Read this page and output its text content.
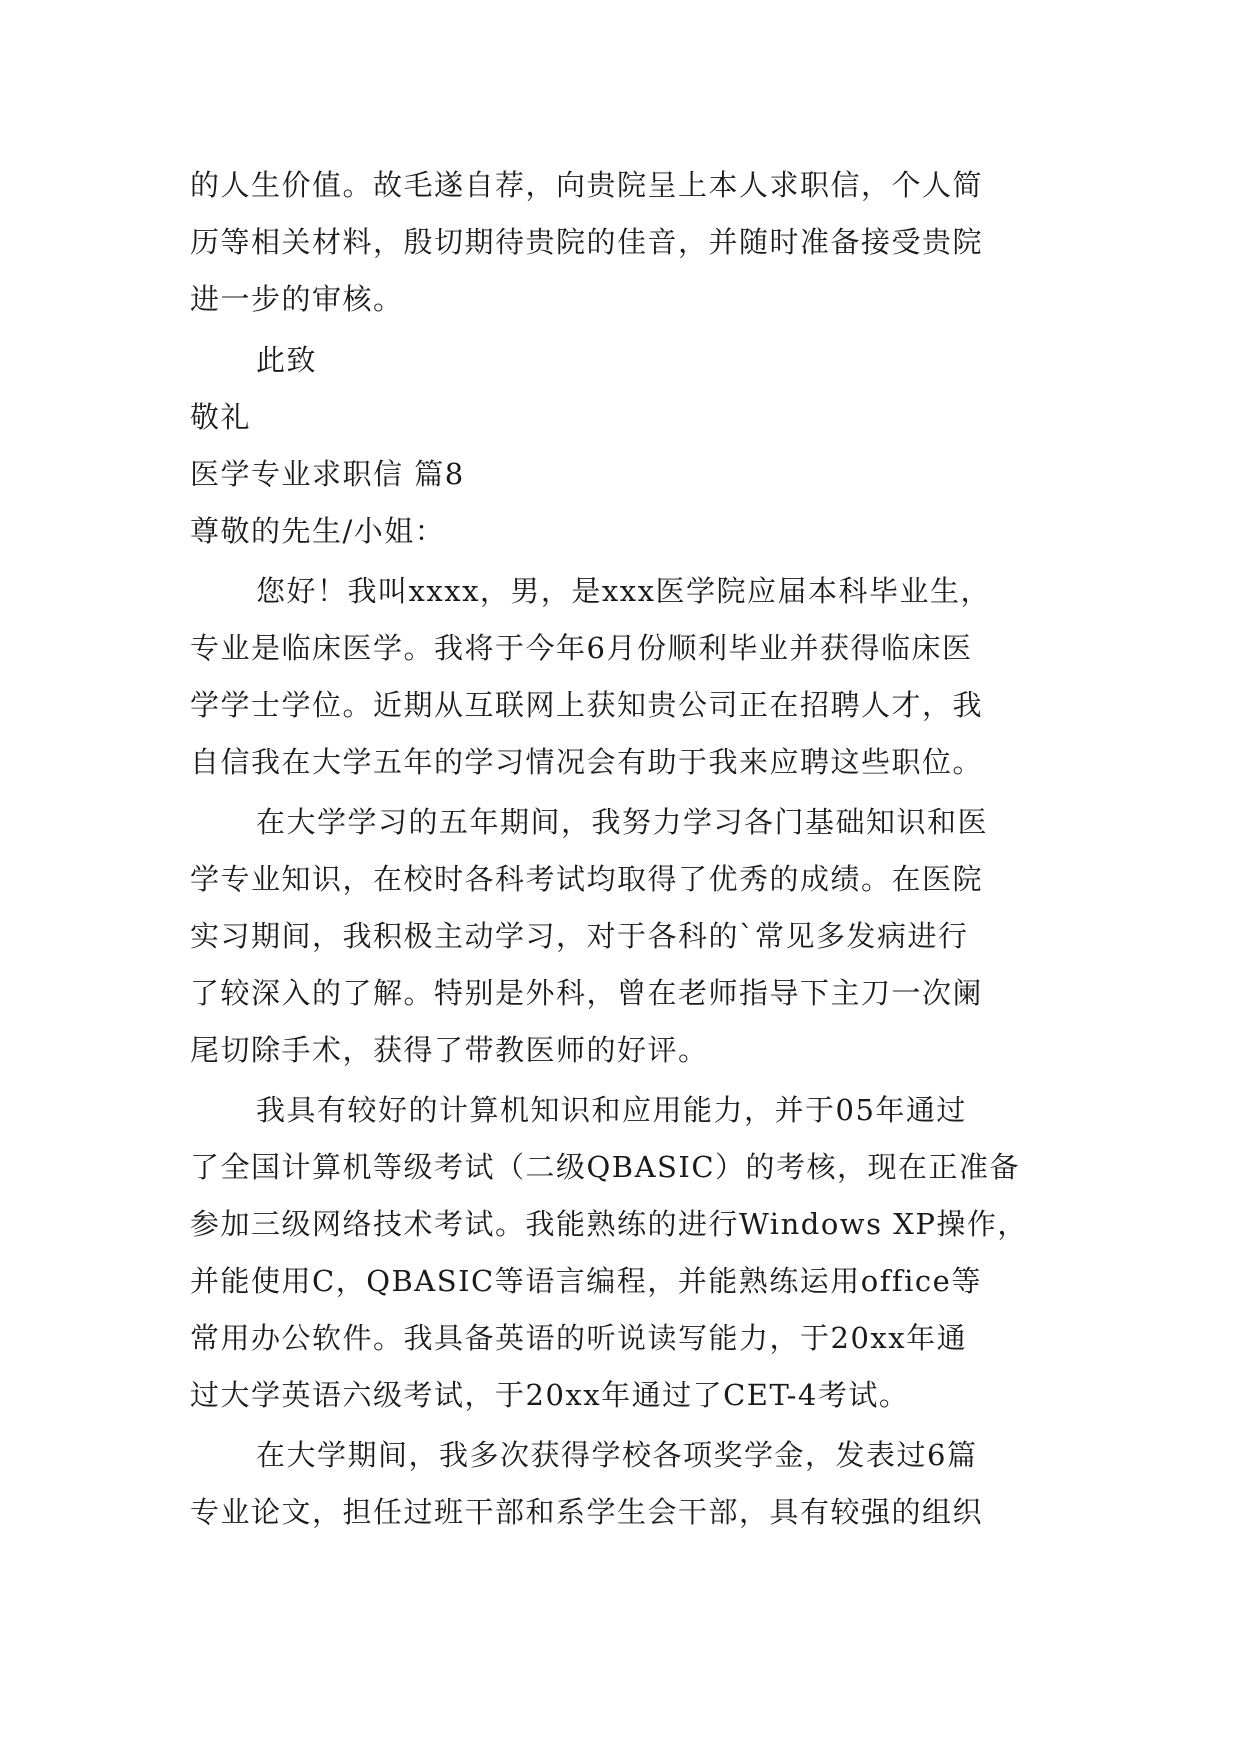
的人生价值。故毛遂自荐，向贵院呈上本人求职信，个人简
历等相关材料，殷切期待贵院的佳音，并随时准备接受贵院
进一步的审核。
此致
敬礼
医学专业求职信 篇8
尊敬的先生/小姐：
您好！我叫xxxx，男，是xxx医学院应届本科毕业生，
专业是临床医学。我将于今年6月份顺利毕业并获得临床医
学学士学位。近期从互联网上获知贵公司正在招聘人才，我
自信我在大学五年的学习情况会有助于我来应聘这些职位。
在大学学习的五年期间，我努力学习各门基础知识和医
学专业知识，在校时各科考试均取得了优秀的成绩。在医院
实习期间，我积极主动学习，对于各科的`常见多发病进行
了较深入的了解。特别是外科，曾在老师指导下主刀一次阑
尾切除手术，获得了带教医师的好评。
我具有较好的计算机知识和应用能力，并于05年通过
了全国计算机等级考试（二级QBASIC）的考核，现在正准备
参加三级网络技术考试。我能熟练的进行Windows XP操作，
并能使用C，QBASIC等语言编程，并能熟练运用office等
常用办公软件。我具备英语的听说读写能力，于20xx年通
过大学英语六级考试，于20xx年通过了CET-4考试。
在大学期间，我多次获得学校各项奖学金，发表过6篇
专业论文，担任过班干部和系学生会干部，具有较强的组织
